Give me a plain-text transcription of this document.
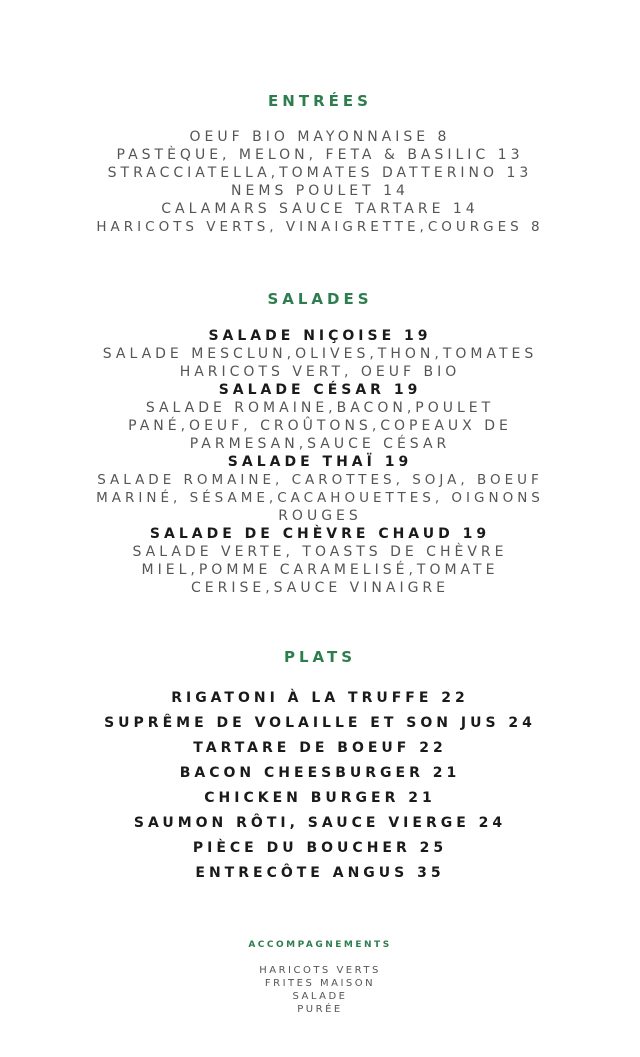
ENTRÉES
OEUF BIO MAYONNAISE 8
PASTÈQUE, MELON, FETA & BASILIC 13
STRACCIATELLA,TOMATES DATTERINO 13
NEMS POULET 14
CALAMARS SAUCE TARTARE 14
HARICOTS VERTS, VINAIGRETTE,COURGES 8
SALADES
SALADE NIÇOISE 19
SALADE MESCLUN,OLIVES,THON,TOMATES
HARICOTS VERT, OEUF BIO
SALADE CÉSAR 19
SALADE ROMAINE,BACON,POULET
PANÉ,OEUF, CROÛTONS,COPEAUX DE
PARMESAN,SAUCE CÉSAR
SALADE THAÏ 19
SALADE ROMAINE, CAROTTES, SOJA, BOEUF
MARINÉ, SÉSAME,CACAHOUETTES, OIGNONS
ROUGES
SALADE DE CHÈVRE CHAUD 19
SALADE VERTE, TOASTS DE CHÈVRE
MIEL,POMME CARAMELISÉ,TOMATE
CERISE,SAUCE VINAIGRE
PLATS
RIGATONI À LA TRUFFE 22
SUPRÊME DE VOLAILLE ET SON JUS 24
TARTARE DE BOEUF 22
BACON CHEESBURGER 21
CHICKEN BURGER 21
SAUMON RÔTI, SAUCE VIERGE 24
PIÈCE DU BOUCHER 25
ENTRECÔTE ANGUS 35
ACCOMPAGNEMENTS
HARICOTS VERTS
FRITES MAISON
SALADE
PURÉE
